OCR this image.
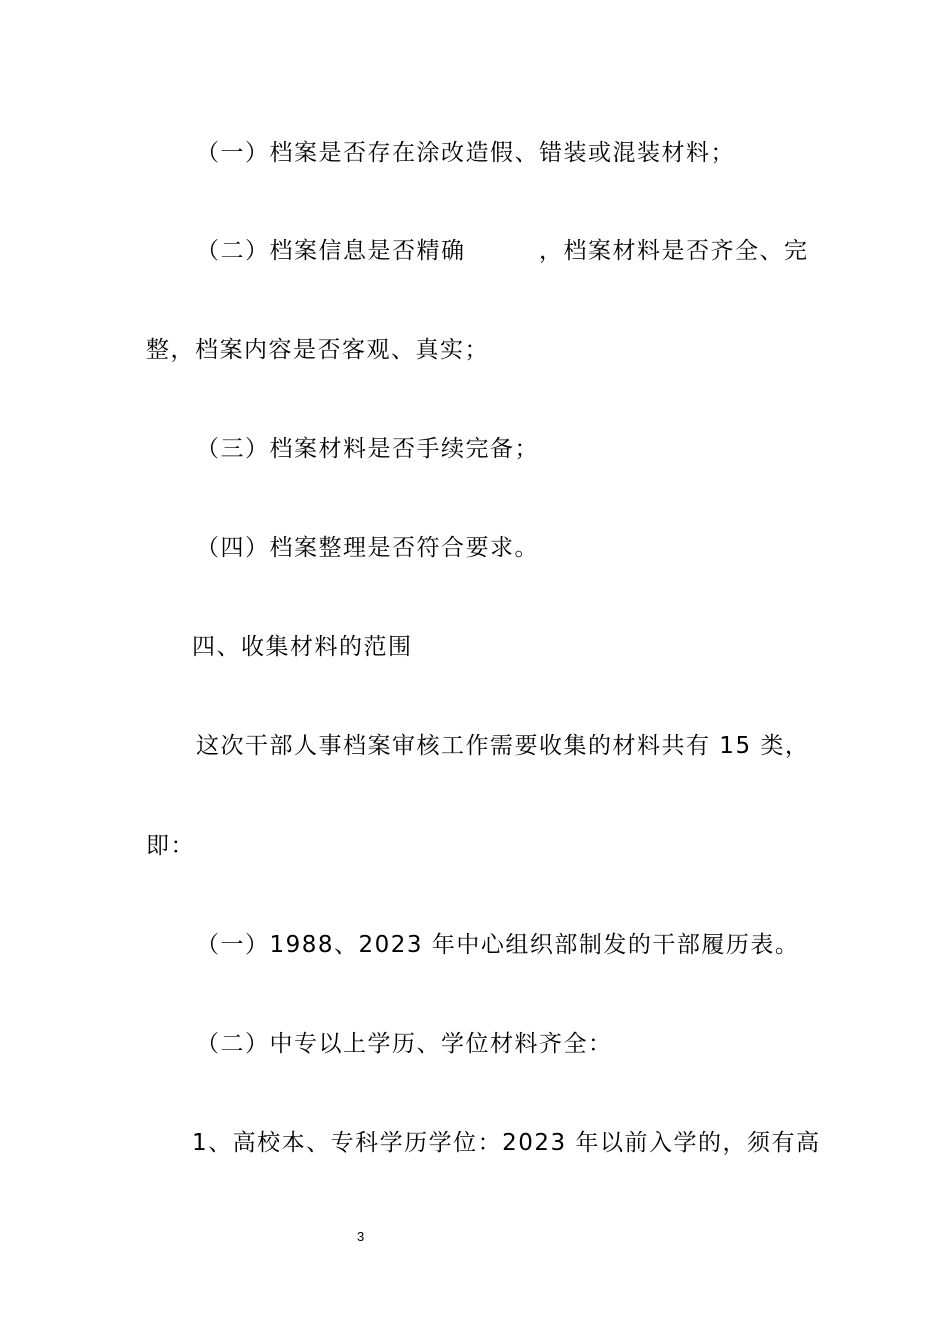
（一）档案是否存在涂改造假、错装或混装材料；
（二）档案信息是否精确　　　，档案材料是否齐全、完
整，档案内容是否客观、真实；
（三）档案材料是否手续完备；
（四）档案整理是否符合要求。
四、收集材料的范围
这次干部人事档案审核工作需要收集的材料共有 15 类，
即：
（一）1988、2023 年中心组织部制发的干部履历表。
（二）中专以上学历、学位材料齐全：
1、高校本、专科学历学位：2023 年以前入学的，须有高
3
